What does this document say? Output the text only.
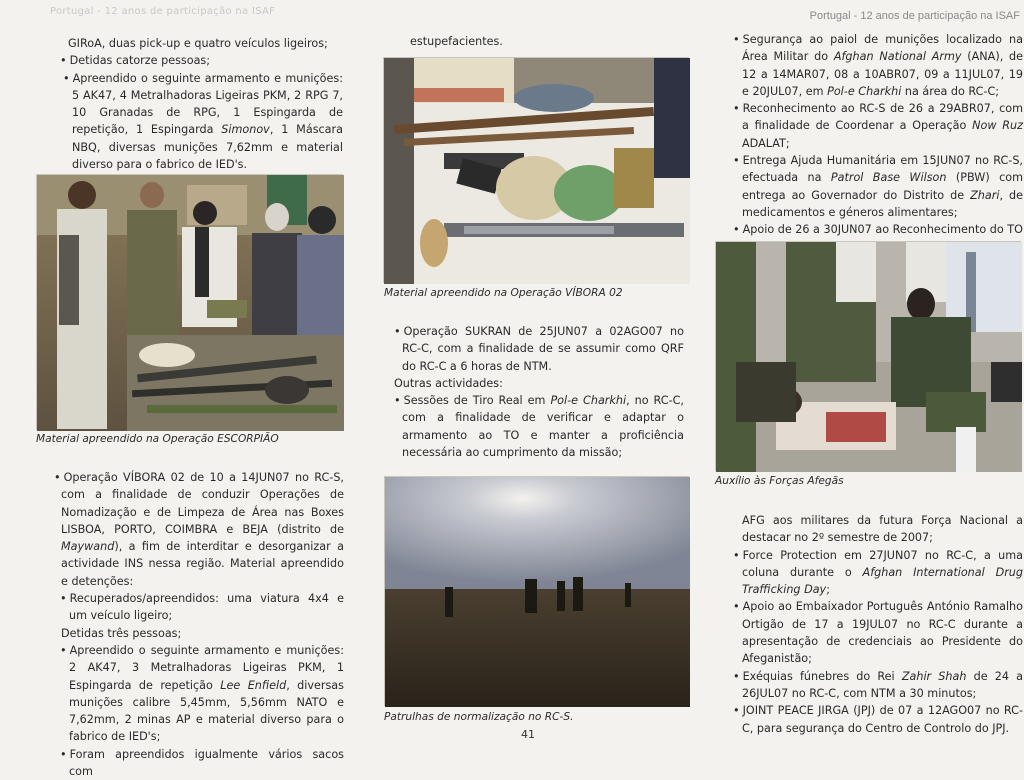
Portugal - 12 anos de participação na ISAF	Portugal - 12 anos de participação na ISAF

GIRoA, duas pick-up e quatro veículos ligeiros;

• Detidas catorze pessoas;

• Apreendido o seguinte armamento e munições: 5 AK47, 4 Metralhadoras Ligeiras PKM, 2 RPG 7, 10 Granadas de RPG, 1 Espingarda de repetição, 1 Espingarda Simonov, 1 Máscara NBQ, diversas munições 7,62mm e material diverso para o fabrico de IED's.

Material apreendido na Operação ESCORPIÃO

• Operação VÍBORA 02 de 10 a 14JUN07 no RC-S, com a finalidade de conduzir Operações de Nomadização e de Limpeza de Área nas Boxes LISBOA, PORTO, COIMBRA e BEJA (distrito de Maywand), a fim de interditar e desorganizar a actividade INS nessa região. Material apreendido e detenções:

• Recuperados/apreendidos: uma viatura 4x4 e um veículo ligeiro;

Detidas três pessoas;

• Apreendido o seguinte armamento e munições: 2 AK47, 3 Metralhadoras Ligeiras PKM, 1 Espingarda de repetição Lee Enfield, diversas munições calibre 5,45mm, 5,56mm NATO e 7,62mm, 2 minas AP e material diverso para o fabrico de IED's;

• Foram apreendidos igualmente vários sacos com

estupefacientes.

Material apreendido na Operação VÍBORA 02

• Operação SUKRAN de 25JUN07 a 02AGO07 no RC-C, com a finalidade de se assumir como QRF do RC-C a 6 horas de NTM.

Outras actividades:

• Sessões de Tiro Real em Pol-e Charkhi, no RC-C, com a finalidade de verificar e adaptar o armamento ao TO e manter a proficiência necessária ao cumprimento da missão;

Patrulhas de normalização no RC-S.

• Segurança ao paiol de munições localizado na Área Militar do Afghan National Army (ANA), de 12 a 14MAR07, 08 a 10ABR07, 09 a 11JUL07, 19 e 20JUL07, em Pol-e Charkhi na área do RC-C;

• Reconhecimento ao RC-S de 26 a 29ABR07, com a finalidade de Coordenar a Operação Now Ruz ADALAT;

• Entrega Ajuda Humanitária em 15JUN07 no RC-S, efectuada na Patrol Base Wilson (PBW) com entrega ao Governador do Distrito de Zhari, de medicamentos e géneros alimentares;

• Apoio de 26 a 30JUN07 ao Reconhecimento do TO

Auxílio às Forças Afegãs

AFG aos militares da futura Força Nacional a destacar no 2º semestre de 2007;

• Force Protection em 27JUN07 no RC-C, a uma coluna durante o Afghan International Drug Trafficking Day;

• Apoio ao Embaixador Português António Ramalho Ortigão de 17 a 19JUL07 no RC-C durante a apresentação de credenciais ao Presidente do Afeganistão;

• Exéquias fúnebres do Rei Zahir Shah de 24 a 26JUL07 no RC-C, com NTM a 30 minutos;

• JOINT PEACE JIRGA (JPJ) de 07 a 12AGO07 no RC-C, para segurança do Centro de Controlo do JPJ.

41
